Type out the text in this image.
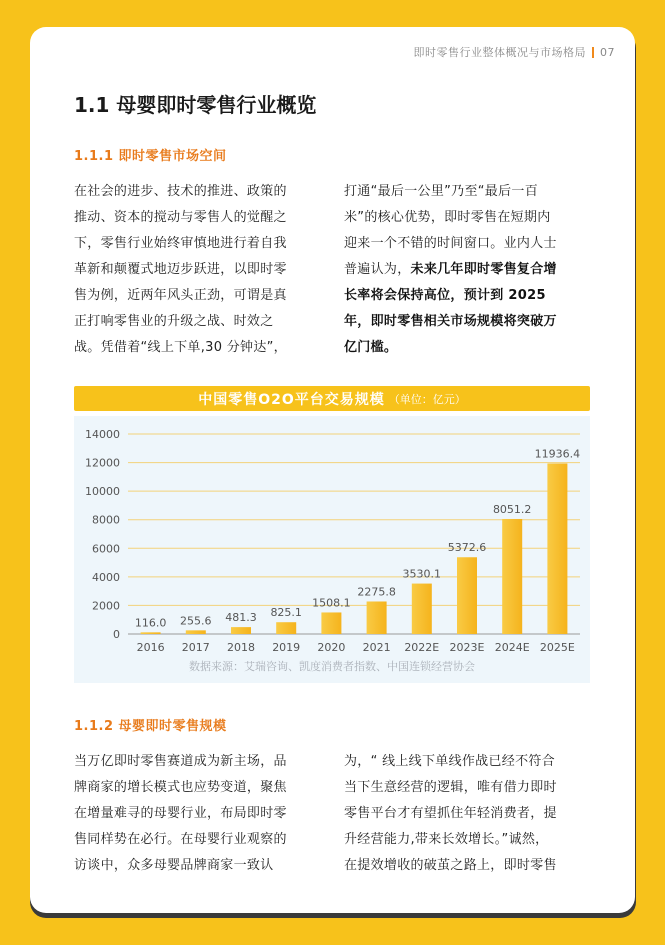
即时零售行业整体概况与市场格局 07
1.1 母婴即时零售行业概览
1.1.1 即时零售市场空间
在社会的进步、技术的推进、政策的
推动、资本的搅动与零售人的觉醒之
下，零售行业始终审慎地进行着自我
革新和颠覆式地迈步跃进，以即时零
售为例，近两年风头正劲，可谓是真
正打响零售业的升级之战、时效之
战。凭借着“线上下单,30 分钟达”，
打通“最后一公里”乃至“最后一百
米”的核心优势，即时零售在短期内
迎来一个不错的时间窗口。业内人士
普遍认为，未来几年即时零售复合增
长率将会保持高位，预计到 2025
年，即时零售相关市场规模将突破万
亿门槛。
中国零售O2O平台交易规模 （单位：亿元）
0
2000
4000
6000
8000
10000
12000
14000
116.0
2016
255.6
2017
481.3
2018
825.1
2019
1508.1
2020
2275.8
2021
3530.1
2022E
5372.6
2023E
8051.2
2024E
11936.4
2025E
数据来源：艾瑞咨询、凯度消费者指数、中国连锁经营协会
1.1.2 母婴即时零售规模
当万亿即时零售赛道成为新主场，品
牌商家的增长模式也应势变道，聚焦
在增量难寻的母婴行业，布局即时零
售同样势在必行。在母婴行业观察的
访谈中，众多母婴品牌商家一致认
为，“ 线上线下单线作战已经不符合
当下生意经营的逻辑，唯有借力即时
零售平台才有望抓住年轻消费者，提
升经营能力,带来长效增长。”诚然，
在提效增收的破茧之路上，即时零售
